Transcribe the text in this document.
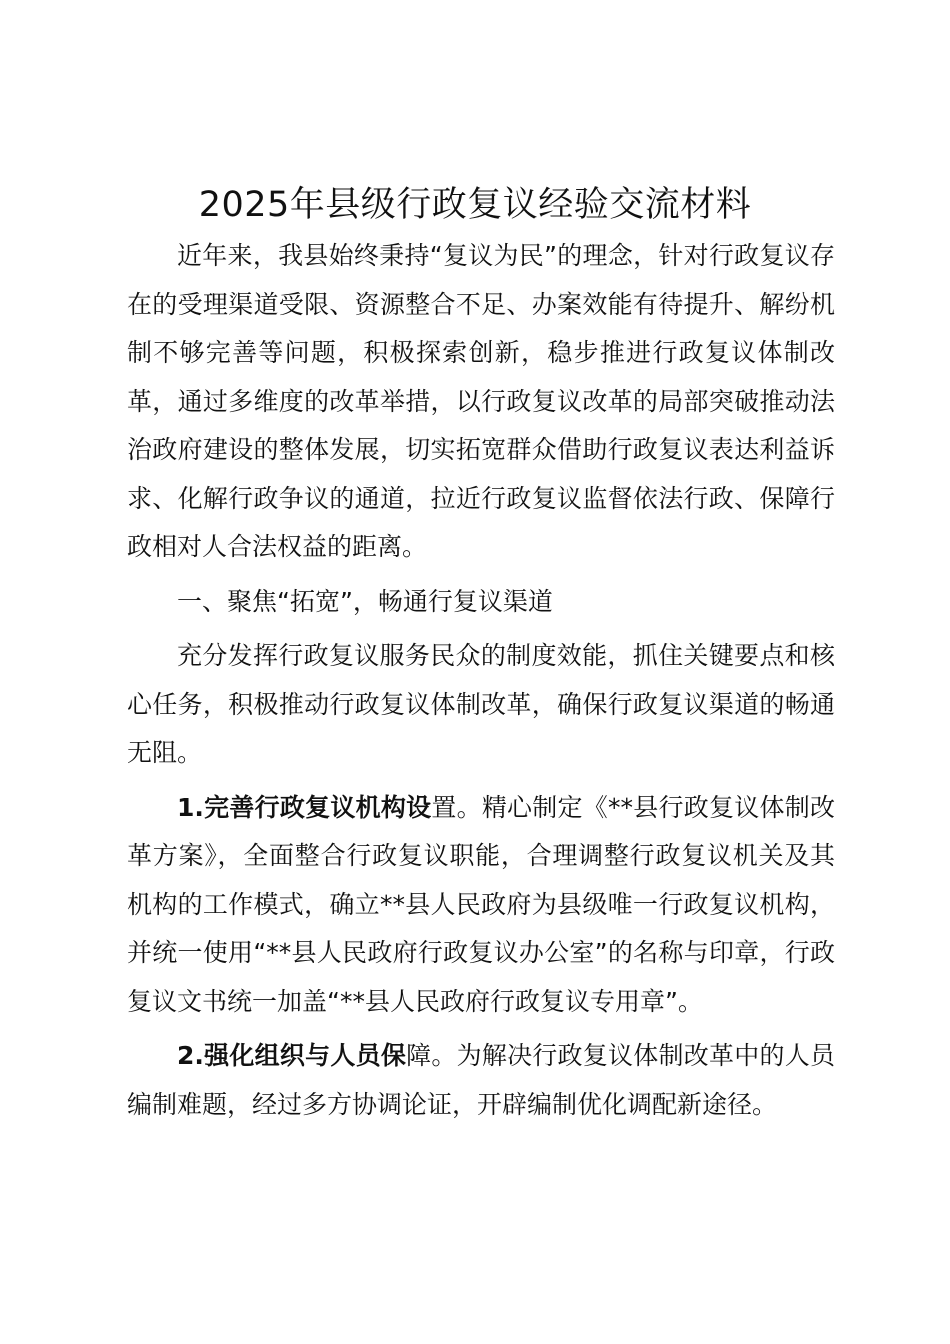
2025年县级行政复议经验交流材料

近年来，我县始终秉持“复议为民”的理念，针对行政复议存在的受理渠道受限、资源整合不足、办案效能有待提升、解纷机制不够完善等问题，积极探索创新，稳步推进行政复议体制改革，通过多维度的改革举措，以行政复议改革的局部突破推动法治政府建设的整体发展，切实拓宽群众借助行政复议表达利益诉求、化解行政争议的通道，拉近行政复议监督依法行政、保障行政相对人合法权益的距离。

一、聚焦“拓宽”，畅通行复议渠道

充分发挥行政复议服务民众的制度效能，抓住关键要点和核心任务，积极推动行政复议体制改革，确保行政复议渠道的畅通无阻。

1.完善行政复议机构设置。精心制定《**县行政复议体制改革方案》，全面整合行政复议职能，合理调整行政复议机关及其机构的工作模式，确立**县人民政府为县级唯一行政复议机构，并统一使用“**县人民政府行政复议办公室”的名称与印章，行政复议文书统一加盖“**县人民政府行政复议专用章”。

2.强化组织与人员保障。为解决行政复议体制改革中的人员编制难题，经过多方协调论证，开辟编制优化调配新途径。
